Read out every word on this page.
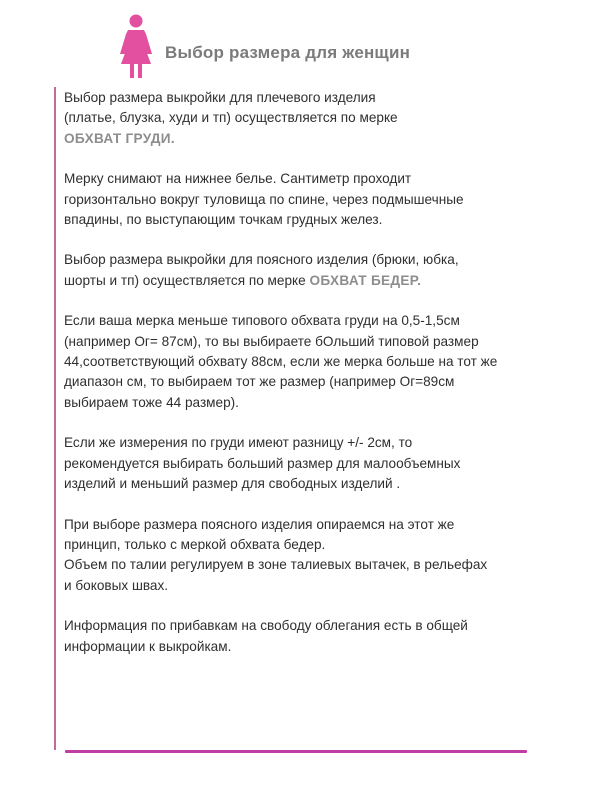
Выбор размера для женщин

Выбор размера выкройки для плечевого изделия
(платье, блузка, худи и тп) осуществляется по мерке
ОБХВАТ ГРУДИ.

Мерку снимают на нижнее белье. Сантиметр проходит
горизонтально вокруг туловища по спине, через подмышечные
впадины, по выступающим точкам грудных желез.

Выбор размера выкройки для поясного изделия (брюки, юбка,
шорты и тп) осуществляется по мерке ОБХВАТ БЕДЕР.

Если ваша мерка меньше типового обхвата груди на 0,5-1,5см
(например Ог= 87см), то вы выбираете бОльший типовой размер
44,соответствующий обхвату 88см, если же мерка больше на тот же
диапазон см, то выбираем тот же размер (например Ог=89см
выбираем тоже 44 размер).

Если же измерения по груди имеют разницу +/- 2см, то
рекомендуется выбирать больший размер для малообъемных
изделий и меньший размер для свободных изделий .

При выборе размера поясного изделия опираемся на этот же
принцип, только с меркой обхвата бедер.
Объем по талии регулируем в зоне талиевых вытачек, в рельефах
и боковых швах.

Информация по прибавкам на свободу облегания есть в общей
информации к выкройкам.
